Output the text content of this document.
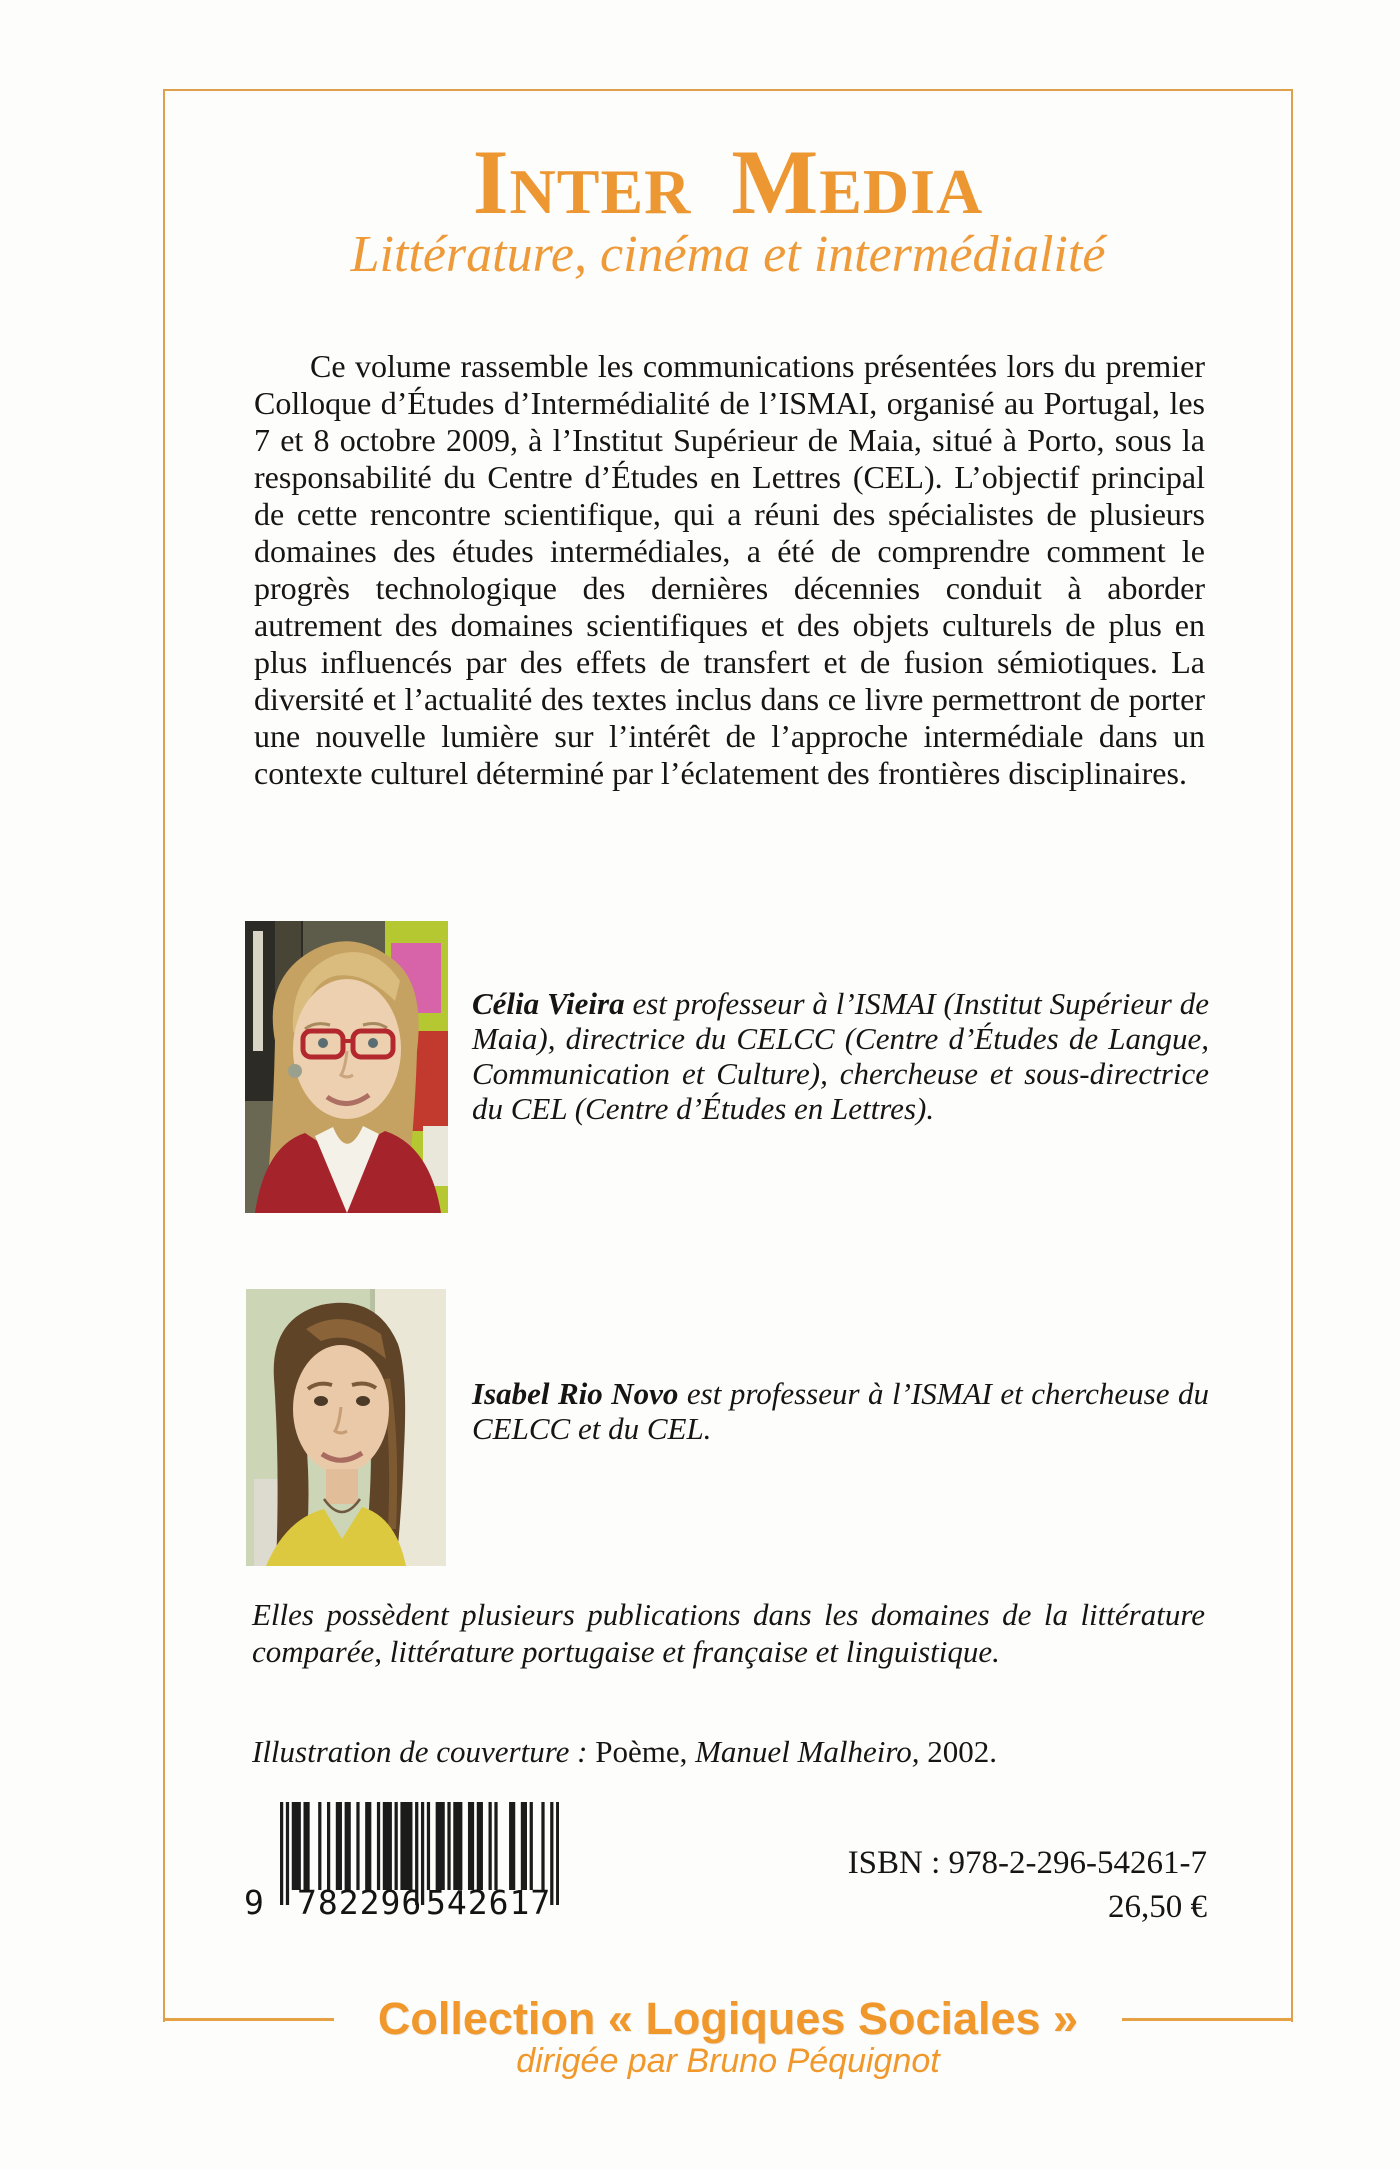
Inter Media
Littérature, cinéma et intermédialité

Ce volume rassemble les communications présentées lors du premier Colloque d’Études d’Intermédialité de l’ISMAI, organisé au Portugal, les 7 et 8 octobre 2009, à l’Institut Supérieur de Maia, situé à Porto, sous la responsabilité du Centre d’Études en Lettres (CEL). L’objectif principal de cette rencontre scientifique, qui a réuni des spécialistes de plusieurs domaines des études intermédiales, a été de comprendre comment le progrès technologique des dernières décennies conduit à aborder autrement des domaines scientifiques et des objets culturels de plus en plus influencés par des effets de transfert et de fusion sémiotiques. La diversité et l’actualité des textes inclus dans ce livre permettront de porter une nouvelle lumière sur l’intérêt de l’approche intermédiale dans un contexte culturel déterminé par l’éclatement des frontières disciplinaires.

Célia Vieira est professeur à l’ISMAI (Institut Supérieur de Maia), directrice du CELCC (Centre d’Études de Langue, Communication et Culture), chercheuse et sous-directrice du CEL (Centre d’Études en Lettres).

Isabel Rio Novo est professeur à l’ISMAI et chercheuse du CELCC et du CEL.

Elles possèdent plusieurs publications dans les domaines de la littérature comparée, littérature portugaise et française et linguistique.

Illustration de couverture : Poème, Manuel Malheiro, 2002.

9 782296 542617
ISBN : 978-2-296-54261-7
26,50 €
Collection « Logiques Sociales »
dirigée par Bruno Péquignot
